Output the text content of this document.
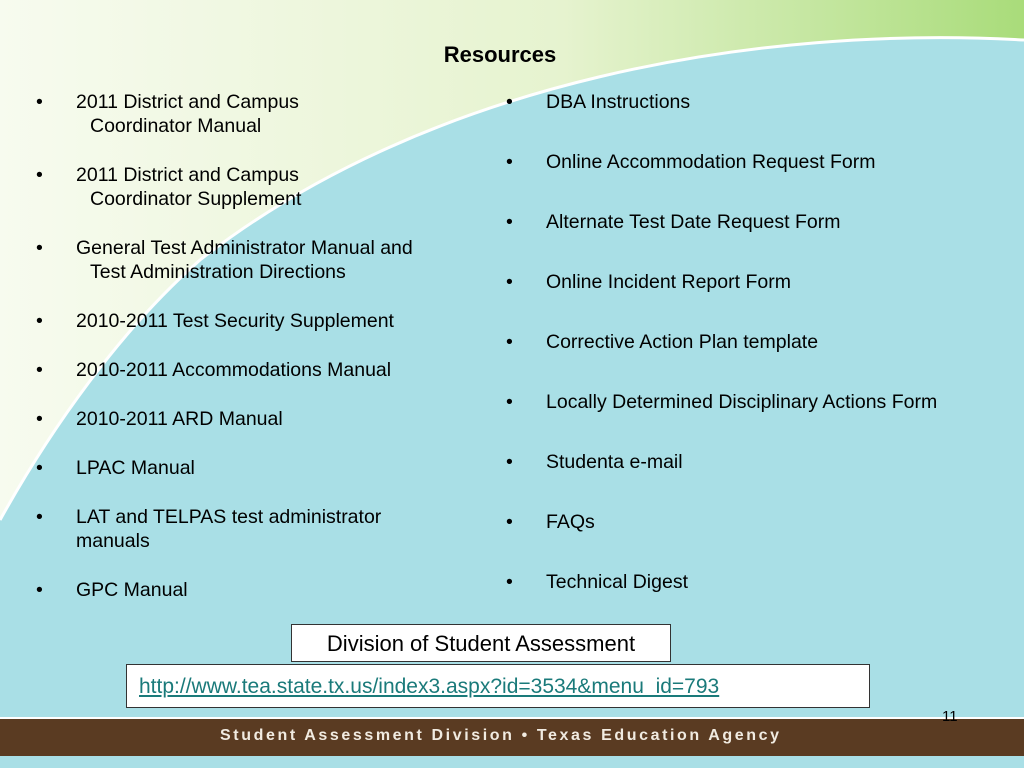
Resources
• 2011 District and Campus
Coordinator Manual
• 2011 District and Campus
Coordinator Supplement
• General Test Administrator Manual and
Test Administration Directions
• 2010-2011 Test Security Supplement
• 2010-2011 Accommodations Manual
• 2010-2011 ARD Manual
• LPAC Manual
• LAT and TELPAS test administrator
manuals
• GPC Manual
• DBA Instructions
• Online Accommodation Request Form
• Alternate Test Date Request Form
• Online Incident Report Form
• Corrective Action Plan template
• Locally Determined Disciplinary Actions Form
• Studenta e-mail
• FAQs
• Technical Digest
Division of Student Assessment
http://www.tea.state.tx.us/index3.aspx?id=3534&menu_id=793
Student Assessment Division • Texas Education Agency
11
